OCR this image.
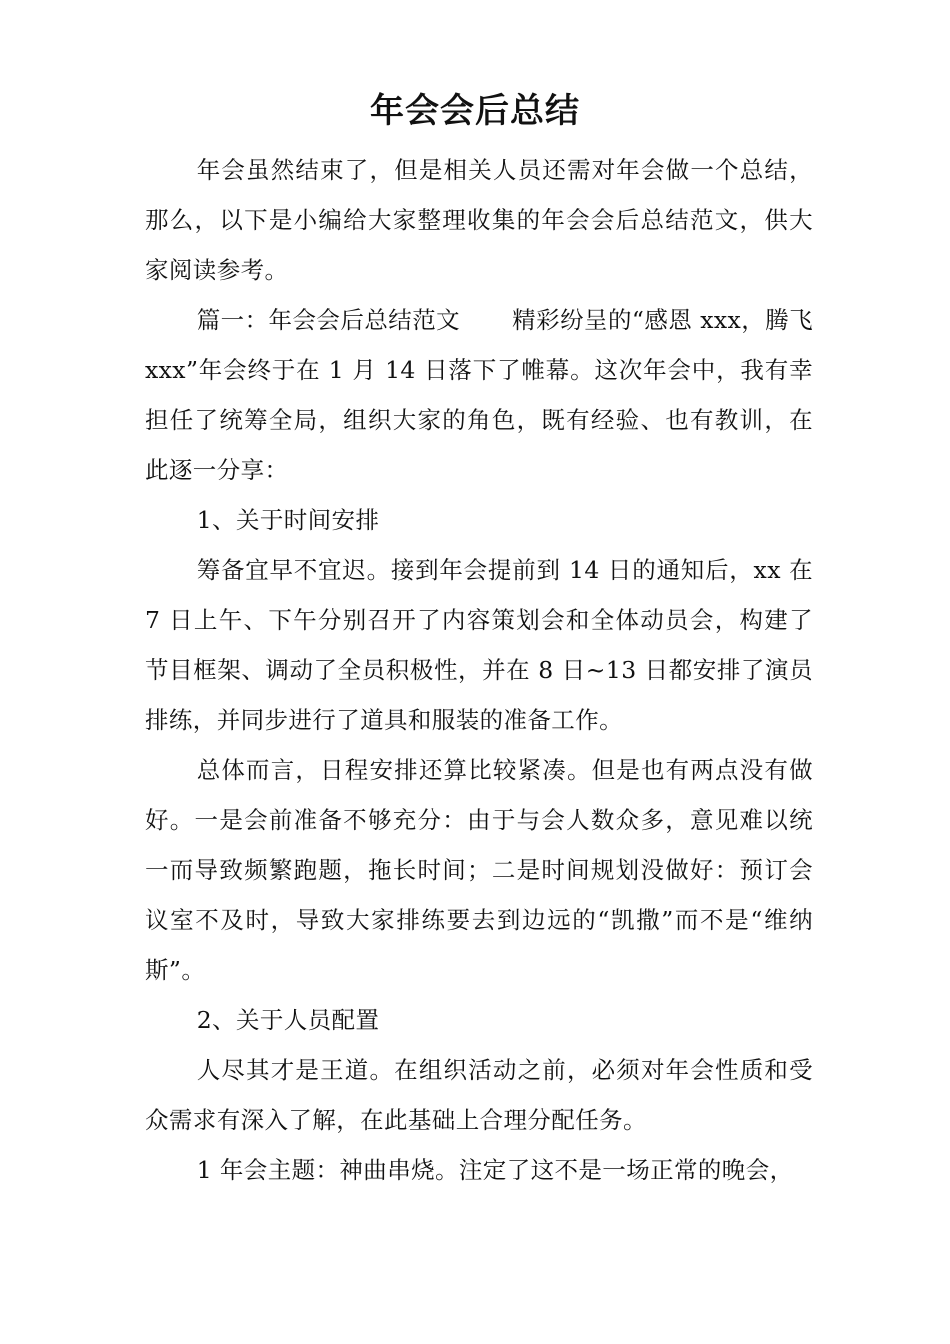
年会会后总结

年会虽然结束了，但是相关人员还需对年会做一个总结，那么，以下是小编给大家整理收集的年会会后总结范文，供大家阅读参考。

篇一：年会会后总结范文 精彩纷呈的“感恩 xxx，腾飞 xxx”年会终于在 1 月 14 日落下了帷幕。这次年会中，我有幸担任了统筹全局，组织大家的角色，既有经验、也有教训，在此逐一分享：

1、关于时间安排

筹备宜早不宜迟。接到年会提前到 14 日的通知后，xx 在 7 日上午、下午分别召开了内容策划会和全体动员会，构建了节目框架、调动了全员积极性，并在 8 日~13 日都安排了演员排练，并同步进行了道具和服装的准备工作。

总体而言，日程安排还算比较紧凑。但是也有两点没有做好。一是会前准备不够充分：由于与会人数众多，意见难以统一而导致频繁跑题，拖长时间；二是时间规划没做好：预订会议室不及时，导致大家排练要去到边远的“凯撒”而不是“维纳斯”。

2、关于人员配置

人尽其才是王道。在组织活动之前，必须对年会性质和受众需求有深入了解，在此基础上合理分配任务。

1 年会主题：神曲串烧。注定了这不是一场正常的晚会，
